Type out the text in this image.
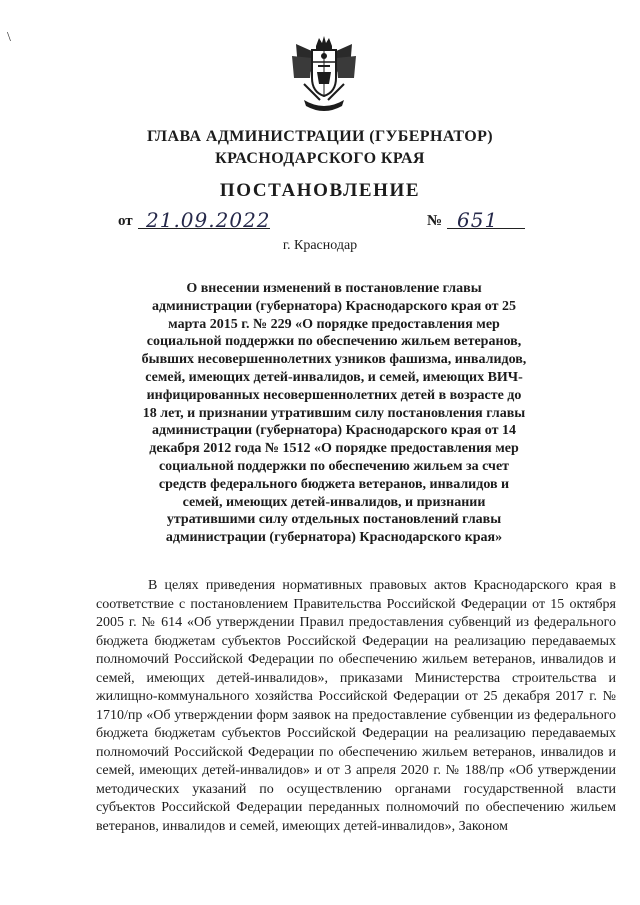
\
ГЛАВА АДМИНИСТРАЦИИ (ГУБЕРНАТОР)
КРАСНОДАРСКОГО КРАЯ
ПОСТАНОВЛЕНИЕ
от 21.09.2022	№ 651
г. Краснодар
О внесении изменений в постановление главы администрации (губернатора) Краснодарского края от 25 марта 2015 г. № 229 «О порядке предоставления мер социальной поддержки по обеспечению жильем ветеранов, бывших несовершеннолетних узников фашизма, инвалидов, семей, имеющих детей-инвалидов, и семей, имеющих ВИЧ-инфицированных несовершеннолетних детей в возрасте до 18 лет, и признании утратившим силу постановления главы администрации (губернатора) Краснодарского края от 14 декабря 2012 года № 1512 «О порядке предоставления мер социальной поддержки по обеспечению жильем за счет средств федерального бюджета ветеранов, инвалидов и семей, имеющих детей-инвалидов, и признании утратившими силу отдельных постановлений главы администрации (губернатора) Краснодарского края»

В целях приведения нормативных правовых актов Краснодарского края в соответствие с постановлением Правительства Российской Федерации от 15 октября 2005 г. № 614 «Об утверждении Правил предоставления субвенций из федерального бюджета бюджетам субъектов Российской Федерации на реализацию передаваемых полномочий Российской Федерации по обеспечению жильем ветеранов, инвалидов и семей, имеющих детей-инвалидов», приказами Министерства строительства и жилищно-коммунального хозяйства Российской Федерации от 25 декабря 2017 г. № 1710/пр «Об утверждении форм заявок на предоставление субвенции из федерального бюджета бюджетам субъектов Российской Федерации на реализацию передаваемых полномочий Российской Федерации по обеспечению жильем ветеранов, инвалидов и семей, имеющих детей-инвалидов» и от 3 апреля 2020 г. № 188/пр «Об утверждении методических указаний по осуществлению органами государственной власти субъектов Российской Федерации переданных полномочий по обеспечению жильем ветеранов, инвалидов и семей, имеющих детей-инвалидов», Законом
